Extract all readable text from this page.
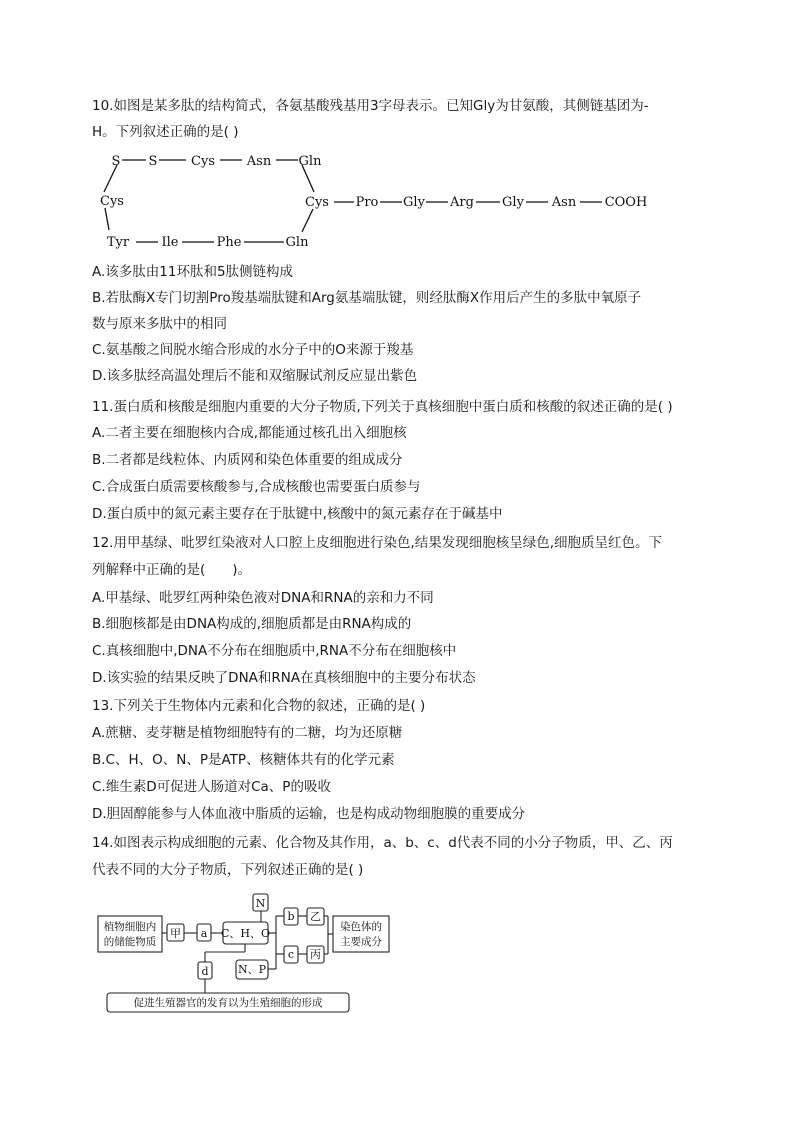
10.如图是某多肽的结构简式，各氨基酸残基用3字母表示。已知Gly为甘氨酸，其侧链基团为-
H。下列叙述正确的是( )
S S	Cys Asn Gln
Cys	Cys Pro Gly Arg Gly Asn COOH
Tyr Ile	Phe	Gln
A.该多肽由11环肽和5肽侧链构成
B.若肽酶X专门切割Pro羧基端肽键和Arg氨基端肽键，则经肽酶X作用后产生的多肽中氧原子
数与原来多肽中的相同
C.氨基酸之间脱水缩合形成的水分子中的O来源于羧基
D.该多肽经高温处理后不能和双缩脲试剂反应显出紫色
11.蛋白质和核酸是细胞内重要的大分子物质,下列关于真核细胞中蛋白质和核酸的叙述正确的是( )
A.二者主要在细胞核内合成,都能通过核孔出入细胞核
B.二者都是线粒体、内质网和染色体重要的组成成分
C.合成蛋白质需要核酸参与,合成核酸也需要蛋白质参与
D.蛋白质中的氮元素主要存在于肽键中,核酸中的氮元素存在于碱基中
12.用甲基绿、吡罗红染液对人口腔上皮细胞进行染色,结果发现细胞核呈绿色,细胞质呈红色。下
列解释中正确的是(　　)。
A.甲基绿、吡罗红两种染色液对DNA和RNA的亲和力不同
B.细胞核都是由DNA构成的,细胞质都是由RNA构成的
C.真核细胞中,DNA不分布在细胞质中,RNA不分布在细胞核中
D.该实验的结果反映了DNA和RNA在真核细胞中的主要分布状态
13.下列关于生物体内元素和化合物的叙述，正确的是( )
A.蔗糖、麦芽糖是植物细胞特有的二糖，均为还原糖
B.C、H、O、N、P是ATP、核糖体共有的化学元素
C.维生素D可促进人肠道对Ca、P的吸收
D.胆固醇能参与人体血液中脂质的运输，也是构成动物细胞膜的重要成分
14.如图表示构成细胞的元素、化合物及其作用，a、b、c、d代表不同的小分子物质，甲、乙、丙
代表不同的大分子物质，下列叙述正确的是( )
植物细胞内
的储能物质
甲 a C、H、O
N
b 乙
染色体的
主要成分
c 丙
N、P
d
促进生殖器官的发育以为生殖细胞的形成
